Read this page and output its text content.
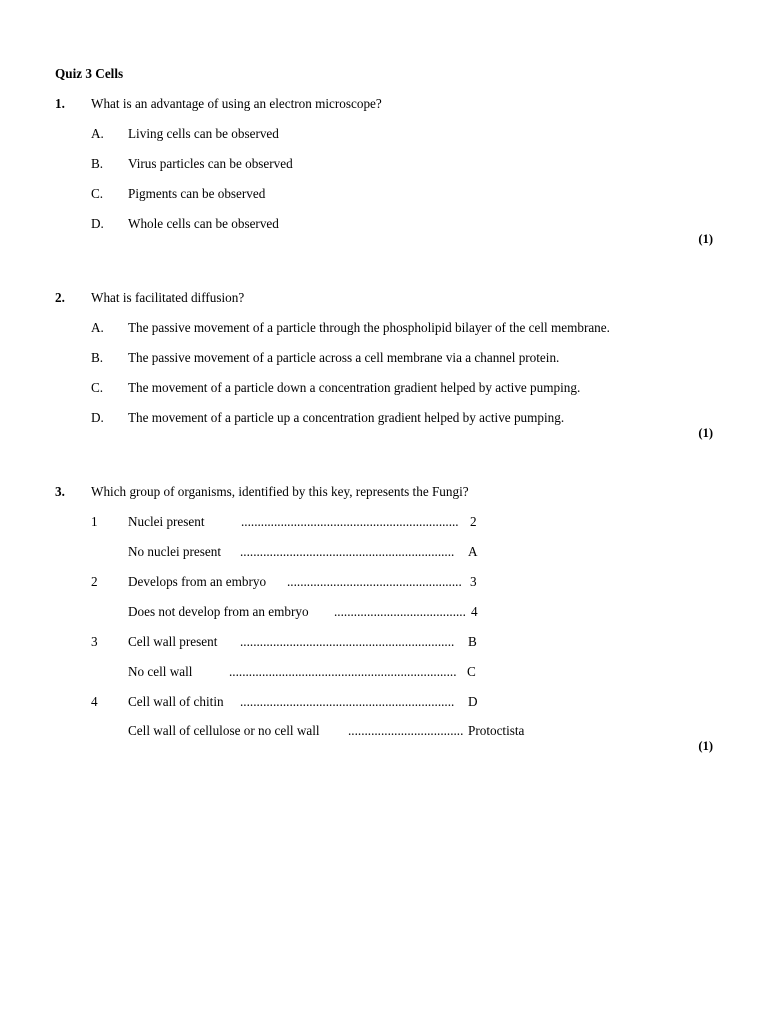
Quiz 3 Cells
1. What is an advantage of using an electron microscope?
A. Living cells can be observed
B. Virus particles can be observed
C. Pigments can be observed
D. Whole cells can be observed
(1)
2. What is facilitated diffusion?
A. The passive movement of a particle through the phospholipid bilayer of the cell membrane.
B. The passive movement of a particle across a cell membrane via a channel protein.
C. The movement of a particle down a concentration gradient helped by active pumping.
D. The movement of a particle up a concentration gradient helped by active pumping.
(1)
3. Which group of organisms, identified by this key, represents the Fungi?
1 Nuclei present	.................................................................. 2
No nuclei present ................................................................. A
2 Develops from an embryo ..................................................... 3
Does not develop from an embryo ........................................ 4
3 Cell wall present ................................................................. B
No cell wall	..................................................................... C
4 Cell wall of chitin ................................................................. D
Cell wall of cellulose or no cell wall ................................... Protoctista
(1)
